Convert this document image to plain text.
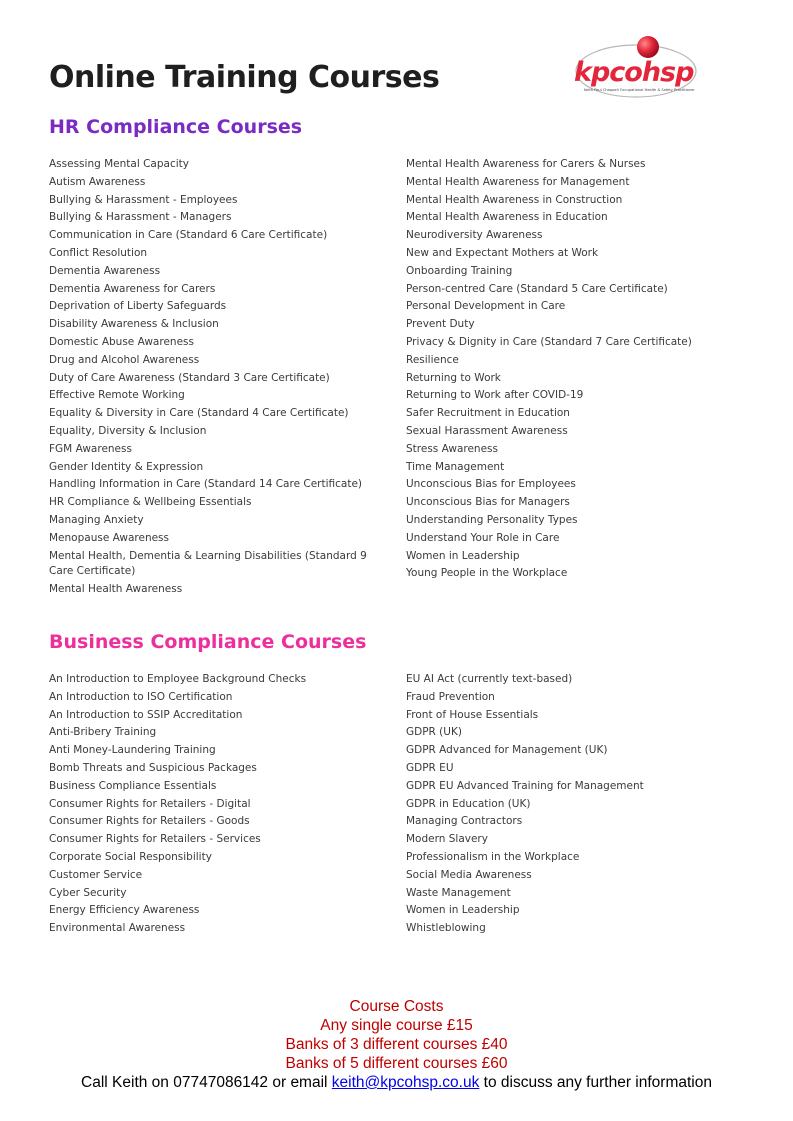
Online Training Courses	kpcohsp
Keith Paul Chappell Occupational Health & Safety Practitioner
HR Compliance Courses
Assessing Mental Capacity
Autism Awareness
Bullying & Harassment - Employees
Bullying & Harassment - Managers
Communication in Care (Standard 6 Care Certificate)
Conflict Resolution
Dementia Awareness
Dementia Awareness for Carers
Deprivation of Liberty Safeguards
Disability Awareness & Inclusion
Domestic Abuse Awareness
Drug and Alcohol Awareness
Duty of Care Awareness (Standard 3 Care Certificate)
Effective Remote Working
Equality & Diversity in Care (Standard 4 Care Certificate)
Equality, Diversity & Inclusion
FGM Awareness
Gender Identity & Expression
Handling Information in Care (Standard 14 Care Certificate)
HR Compliance & Wellbeing Essentials
Managing Anxiety
Menopause Awareness
Mental Health, Dementia & Learning Disabilities (Standard 9 Care Certificate)
Mental Health Awareness
Mental Health Awareness for Carers & Nurses
Mental Health Awareness for Management
Mental Health Awareness in Construction
Mental Health Awareness in Education
Neurodiversity Awareness
New and Expectant Mothers at Work
Onboarding Training
Person-centred Care (Standard 5 Care Certificate)
Personal Development in Care
Prevent Duty
Privacy & Dignity in Care (Standard 7 Care Certificate)
Resilience
Returning to Work
Returning to Work after COVID-19
Safer Recruitment in Education
Sexual Harassment Awareness
Stress Awareness
Time Management
Unconscious Bias for Employees
Unconscious Bias for Managers
Understanding Personality Types
Understand Your Role in Care
Women in Leadership
Young People in the Workplace
Business Compliance Courses
An Introduction to Employee Background Checks
An Introduction to ISO Certification
An Introduction to SSIP Accreditation
Anti-Bribery Training
Anti Money-Laundering Training
Bomb Threats and Suspicious Packages
Business Compliance Essentials
Consumer Rights for Retailers - Digital
Consumer Rights for Retailers - Goods
Consumer Rights for Retailers - Services
Corporate Social Responsibility
Customer Service
Cyber Security
Energy Efficiency Awareness
Environmental Awareness
EU AI Act (currently text-based)
Fraud Prevention
Front of House Essentials
GDPR (UK)
GDPR Advanced for Management (UK)
GDPR EU
GDPR EU Advanced Training for Management
GDPR in Education (UK)
Managing Contractors
Modern Slavery
Professionalism in the Workplace
Social Media Awareness
Waste Management
Women in Leadership
Whistleblowing
Course Costs
Any single course £15
Banks of 3 different courses £40
Banks of 5 different courses £60
Call Keith on 07747086142 or email keith@kpcohsp.co.uk to discuss any further information
